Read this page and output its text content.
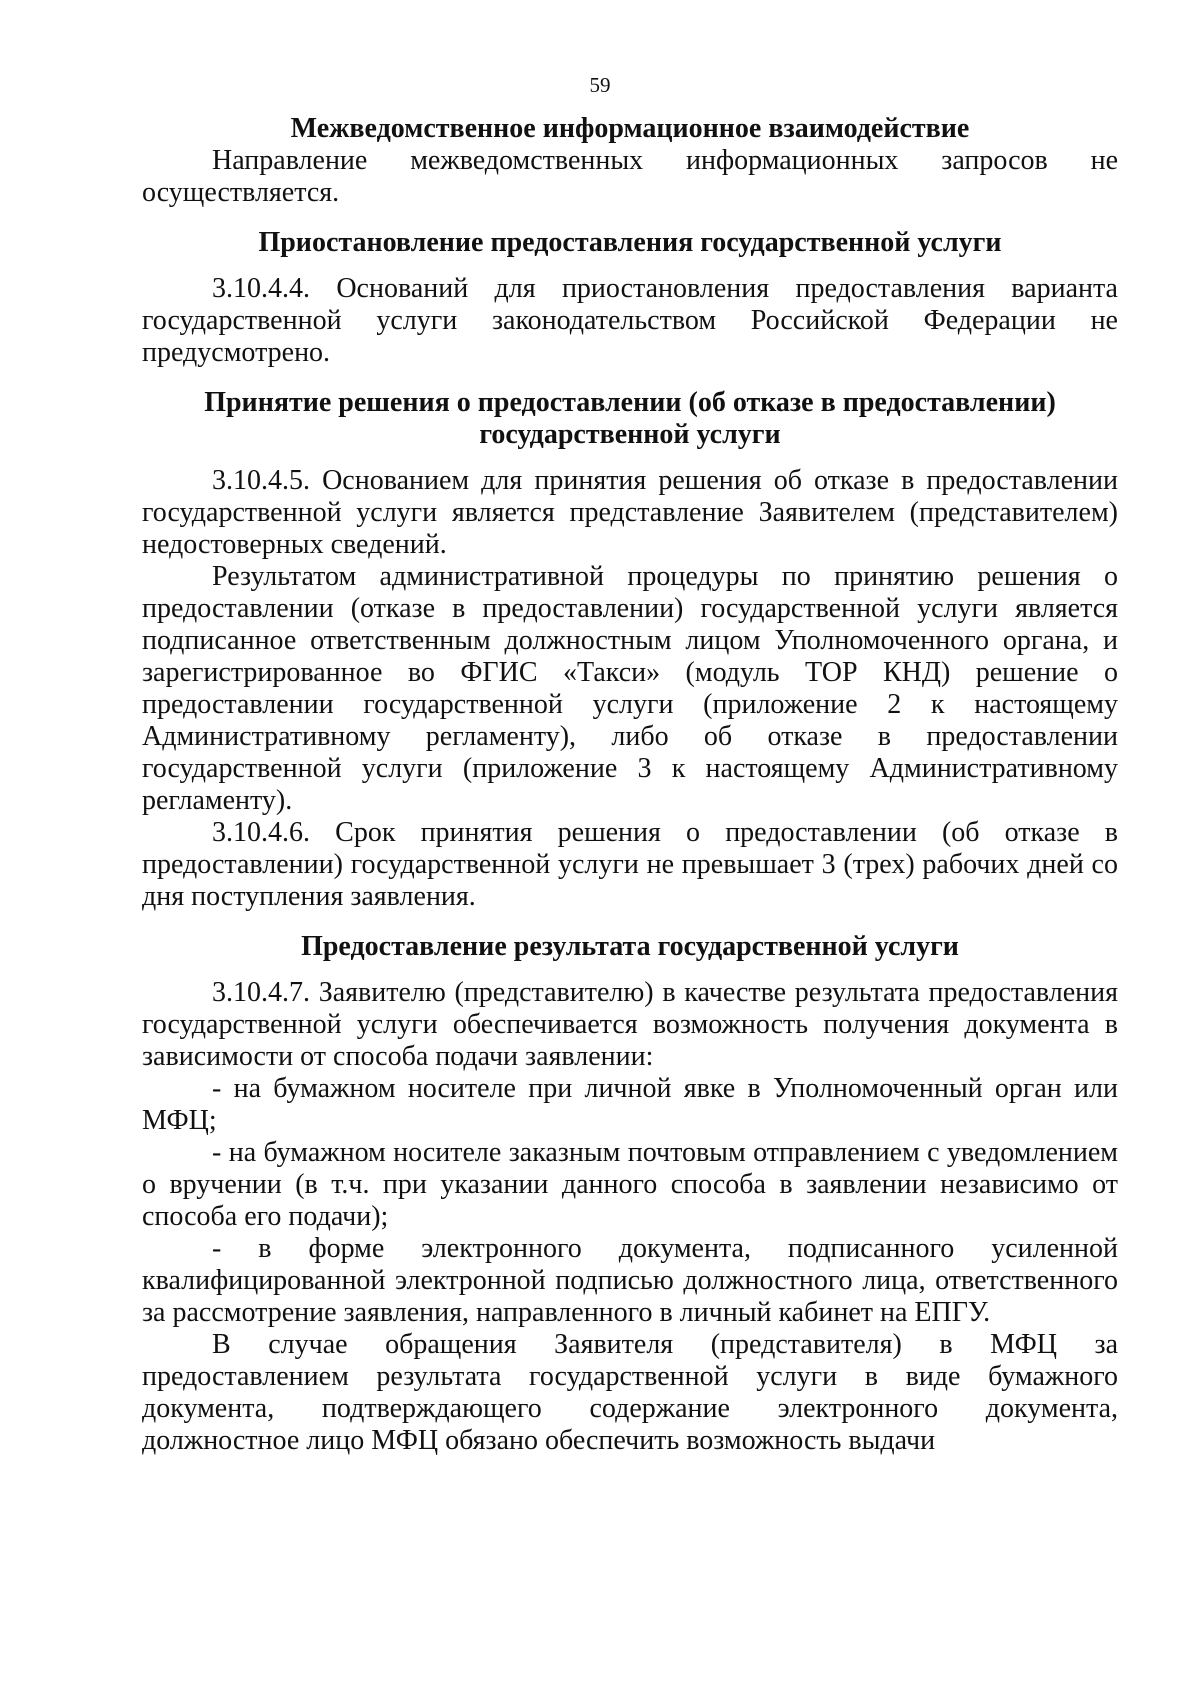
59
Межведомственное информационное взаимодействие

Направление межведомственных информационных запросов не осуществляется.

Приостановление предоставления государственной услуги

3.10.4.4. Оснований для приостановления предоставления варианта государственной услуги законодательством Российской Федерации не предусмотрено.

Принятие решения о предоставлении (об отказе в предоставлении)
государственной услуги

3.10.4.5. Основанием для принятия решения об отказе в предоставлении государственной услуги является представление Заявителем (представителем) недостоверных сведений.

Результатом административной процедуры по принятию решения о предоставлении (отказе в предоставлении) государственной услуги является подписанное ответственным должностным лицом Уполномоченного органа, и зарегистрированное во ФГИС «Такси» (модуль ТОР КНД) решение о предоставлении государственной услуги (приложение 2 к настоящему Административному регламенту), либо об отказе в предоставлении государственной услуги (приложение 3 к настоящему Административному регламенту).

3.10.4.6. Срок принятия решения о предоставлении (об отказе в предоставлении) государственной услуги не превышает 3 (трех) рабочих дней со дня поступления заявления.

Предоставление результата государственной услуги

3.10.4.7. Заявителю (представителю) в качестве результата предоставления государственной услуги обеспечивается возможность получения документа в зависимости от способа подачи заявлении:

- на бумажном носителе при личной явке в Уполномоченный орган или МФЦ;

- на бумажном носителе заказным почтовым отправлением с уведомлением о вручении (в т.ч. при указании данного способа в заявлении независимо от способа его подачи);

- в форме электронного документа, подписанного усиленной квалифицированной электронной подписью должностного лица, ответственного за рассмотрение заявления, направленного в личный кабинет на ЕПГУ.

В случае обращения Заявителя (представителя) в МФЦ за предоставлением результата государственной услуги в виде бумажного документа, подтверждающего содержание электронного документа, должностное лицо МФЦ обязано обеспечить возможность выдачи
